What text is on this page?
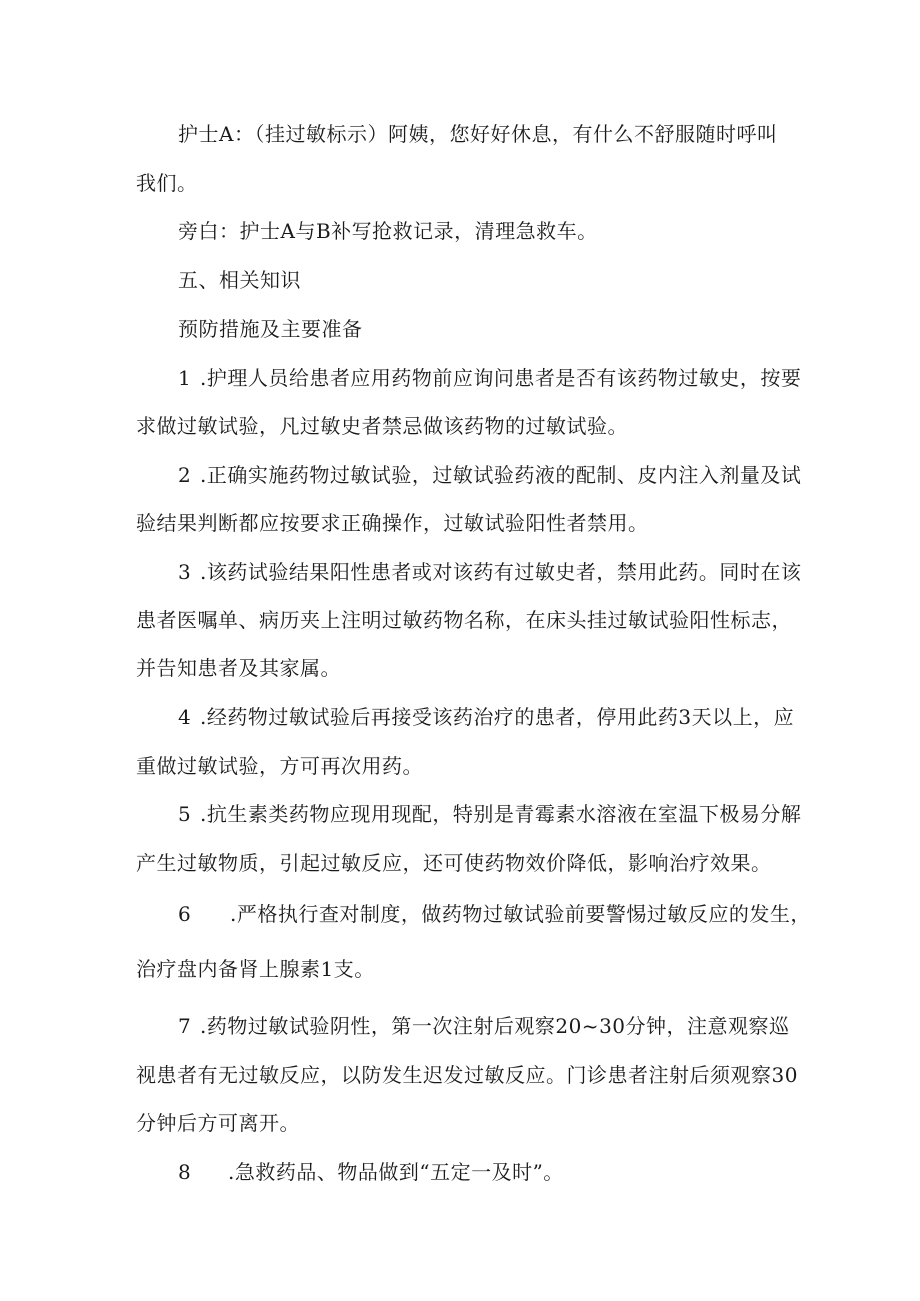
护士A：（挂过敏标示）阿姨，您好好休息，有什么不舒服随时呼叫
我们。
旁白：护士A与B补写抢救记录，清理急救车。
五、相关知识
预防措施及主要准备
1 .护理人员给患者应用药物前应询问患者是否有该药物过敏史，按要
求做过敏试验，凡过敏史者禁忌做该药物的过敏试验。
2 .正确实施药物过敏试验，过敏试验药液的配制、皮内注入剂量及试
验结果判断都应按要求正确操作，过敏试验阳性者禁用。
3 .该药试验结果阳性患者或对该药有过敏史者，禁用此药。同时在该
患者医嘱单、病历夹上注明过敏药物名称，在床头挂过敏试验阳性标志，
并告知患者及其家属。
4 .经药物过敏试验后再接受该药治疗的患者，停用此药3天以上，应
重做过敏试验，方可再次用药。
5 .抗生素类药物应现用现配，特别是青霉素水溶液在室温下极易分解
产生过敏物质，引起过敏反应，还可使药物效价降低，影响治疗效果。
6 .严格执行查对制度，做药物过敏试验前要警惕过敏反应的发生，
治疗盘内备肾上腺素1支。
7 .药物过敏试验阴性，第一次注射后观察20~30分钟，注意观察巡
视患者有无过敏反应，以防发生迟发过敏反应。门诊患者注射后须观察30
分钟后方可离开。
8 .急救药品、物品做到“五定一及时”。
